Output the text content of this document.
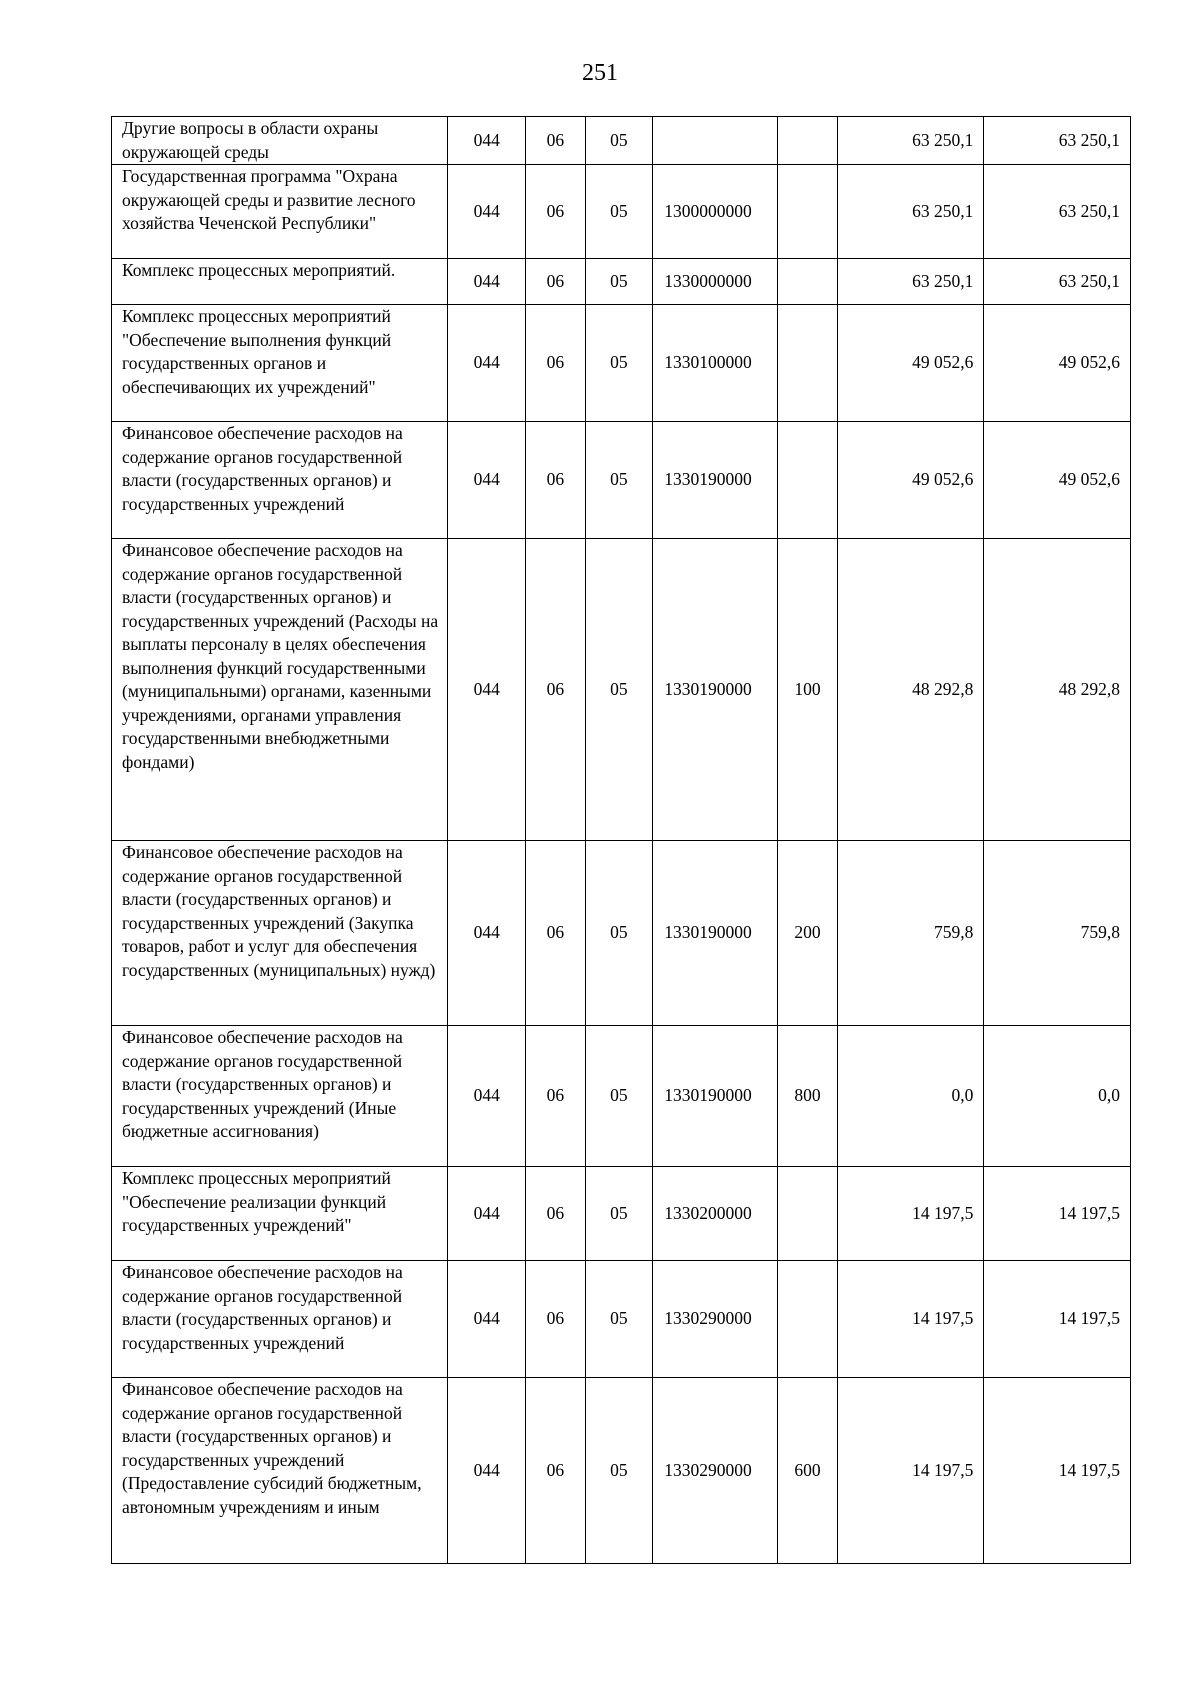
251
Другие вопросы в области охраны окружающей среды	044	06	05			63 250,1	63 250,1
Государственная программа "Охрана окружающей среды и развитие лесного хозяйства Чеченской Республики"	044	06	05	1300000000		63 250,1	63 250,1
Комплекс процессных мероприятий.	044	06	05	1330000000		63 250,1	63 250,1
Комплекс процессных мероприятий "Обеспечение выполнения функций государственных органов и обеспечивающих их учреждений"	044	06	05	1330100000		49 052,6	49 052,6
Финансовое обеспечение расходов на содержание органов государственной власти (государственных органов) и государственных учреждений	044	06	05	1330190000		49 052,6	49 052,6
Финансовое обеспечение расходов на содержание органов государственной власти (государственных органов) и государственных учреждений (Расходы на выплаты персоналу в целях обеспечения выполнения функций государственными (муниципальными) органами, казенными учреждениями, органами управления государственными внебюджетными фондами)	044	06	05	1330190000	100	48 292,8	48 292,8
Финансовое обеспечение расходов на содержание органов государственной власти (государственных органов) и государственных учреждений (Закупка товаров, работ и услуг для обеспечения государственных (муниципальных) нужд)	044	06	05	1330190000	200	759,8	759,8
Финансовое обеспечение расходов на содержание органов государственной власти (государственных органов) и государственных учреждений (Иные бюджетные ассигнования)	044	06	05	1330190000	800	0,0	0,0
Комплекс процессных мероприятий "Обеспечение реализации функций государственных учреждений"	044	06	05	1330200000		14 197,5	14 197,5
Финансовое обеспечение расходов на содержание органов государственной власти (государственных органов) и государственных учреждений	044	06	05	1330290000		14 197,5	14 197,5
Финансовое обеспечение расходов на содержание органов государственной власти (государственных органов) и государственных учреждений (Предоставление субсидий бюджетным, автономным учреждениям и иным	044	06	05	1330290000	600	14 197,5	14 197,5
